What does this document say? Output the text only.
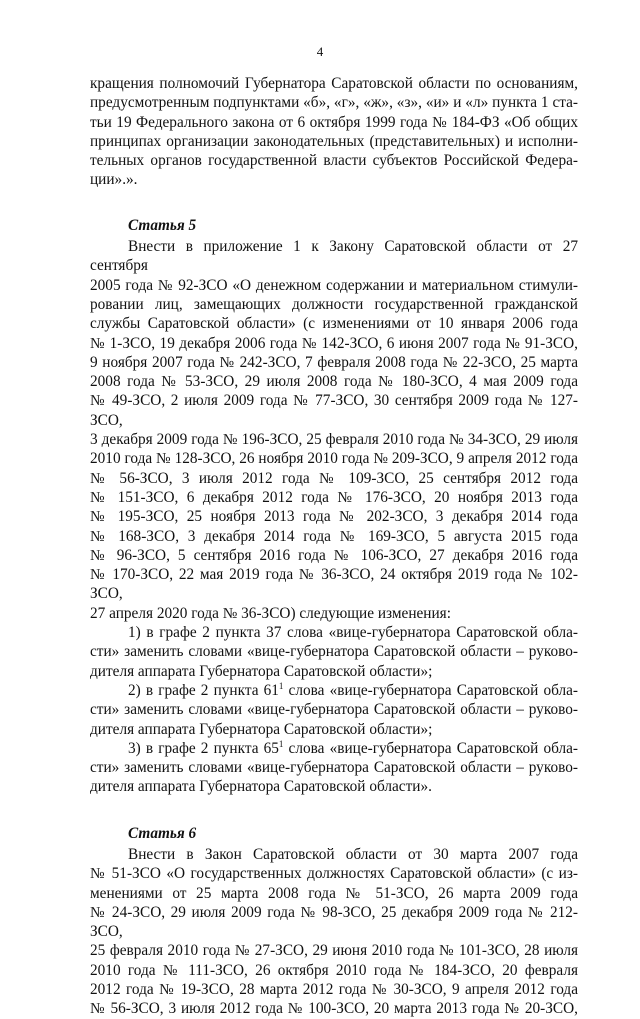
4

кращения полномочий Губернатора Саратовской области по основаниям,

предусмотренным подпунктами «б», «г», «ж», «з», «и» и «л» пункта 1 ста-

тьи 19 Федерального закона от 6 октября 1999 года № 184-ФЗ «Об общих

принципах организации законодательных (представительных) и исполни-

тельных органов государственной власти субъектов Российской Федера-

ции».».

Статья 5

Внести в приложение 1 к Закону Саратовской области от 27 сентября

2005 года № 92-ЗСО «О денежном содержании и материальном стимули-

ровании лиц, замещающих должности государственной гражданской

службы Саратовской области» (с изменениями от 10 января 2006 года

№ 1-ЗСО, 19 декабря 2006 года № 142-ЗСО, 6 июня 2007 года № 91-ЗСО,

9 ноября 2007 года № 242-ЗСО, 7 февраля 2008 года № 22-ЗСО, 25 марта

2008 года № 53-ЗСО, 29 июля 2008 года № 180-ЗСО, 4 мая 2009 года

№ 49-ЗСО, 2 июля 2009 года № 77-ЗСО, 30 сентября 2009 года № 127-ЗСО,

3 декабря 2009 года № 196-ЗСО, 25 февраля 2010 года № 34-ЗСО, 29 июля

2010 года № 128-ЗСО, 26 ноября 2010 года № 209-ЗСО, 9 апреля 2012 года

№ 56-ЗСО, 3 июля 2012 года № 109-ЗСО, 25 сентября 2012 года

№ 151-ЗСО, 6 декабря 2012 года № 176-ЗСО, 20 ноября 2013 года

№ 195-ЗСО, 25 ноября 2013 года № 202-ЗСО, 3 декабря 2014 года

№ 168-ЗСО, 3 декабря 2014 года № 169-ЗСО, 5 августа 2015 года

№ 96-ЗСО, 5 сентября 2016 года № 106-ЗСО, 27 декабря 2016 года

№ 170-ЗСО, 22 мая 2019 года № 36-ЗСО, 24 октября 2019 года № 102-ЗСО,

27 апреля 2020 года № 36-ЗСО) следующие изменения:

1) в графе 2 пункта 37 слова «вице-губернатора Саратовской обла-

сти» заменить словами «вице-губернатора Саратовской области – руково-

дителя аппарата Губернатора Саратовской области»;

2) в графе 2 пункта $61^1$ слова «вице-губернатора Саратовской обла-

сти» заменить словами «вице-губернатора Саратовской области – руково-

дителя аппарата Губернатора Саратовской области»;

3) в графе 2 пункта $65^1$ слова «вице-губернатора Саратовской обла-

сти» заменить словами «вице-губернатора Саратовской области – руково-

дителя аппарата Губернатора Саратовской области».

Статья 6

Внести в Закон Саратовской области от 30 марта 2007 года

№ 51-ЗСО «О государственных должностях Саратовской области» (с из-

менениями от 25 марта 2008 года № 51-ЗСО, 26 марта 2009 года

№ 24-ЗСО, 29 июля 2009 года № 98-ЗСО, 25 декабря 2009 года № 212-ЗСО,

25 февраля 2010 года № 27-ЗСО, 29 июня 2010 года № 101-ЗСО, 28 июля

2010 года № 111-ЗСО, 26 октября 2010 года № 184-ЗСО, 20 февраля

2012 года № 19-ЗСО, 28 марта 2012 года № 30-ЗСО, 9 апреля 2012 года

№ 56-ЗСО, 3 июля 2012 года № 100-ЗСО, 20 марта 2013 года № 20-ЗСО,
